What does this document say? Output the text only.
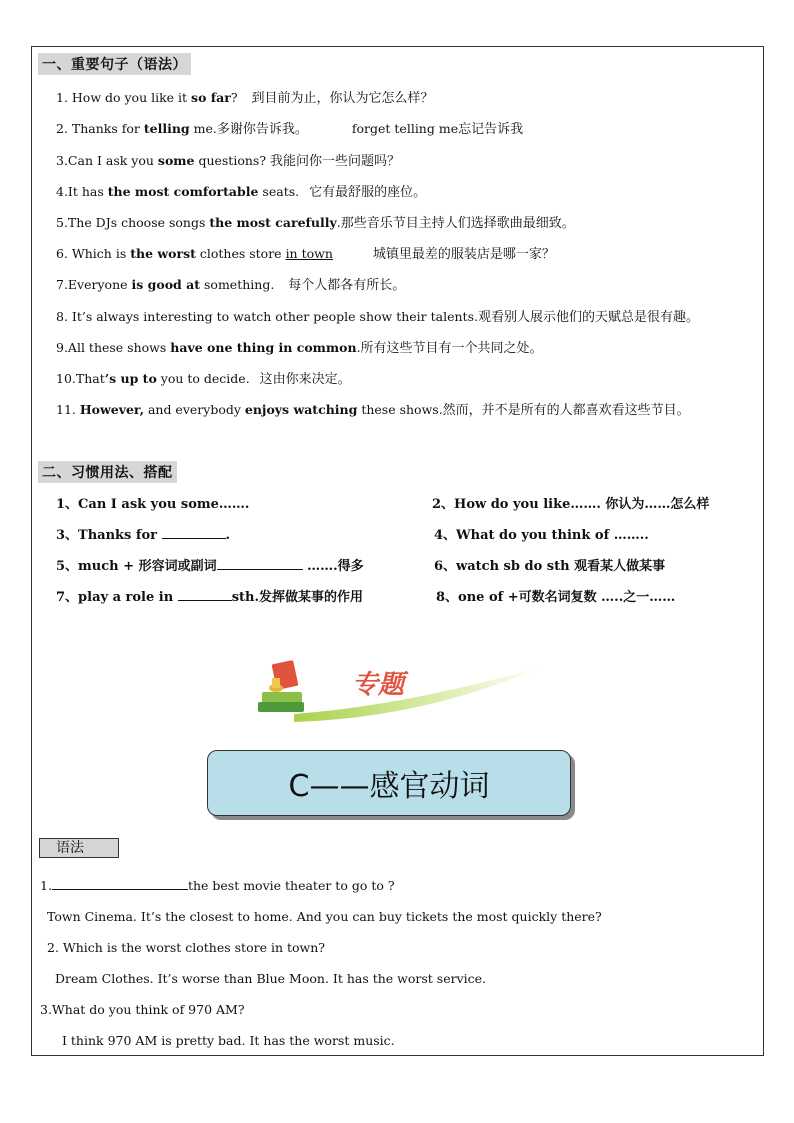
一、重要句子（语法）
1. How do you like it so far? 到目前为止，你认为它怎么样？
2. Thanks for telling me.多谢你告诉我。	forget telling me忘记告诉我
3.Can I ask you some questions? 我能问你一些问题吗？
4.It has the most comfortable seats. 它有最舒服的座位。
5.The DJs choose songs the most carefully.那些音乐节目主持人们选择歌曲最细致。
6. Which is the worst clothes store in town	城镇里最差的服装店是哪一家？
7.Everyone is good at something. 每个人都各有所长。
8. It’s always interesting to watch other people show their talents.观看别人展示他们的天赋总是很有趣。
9.All these shows have one thing in common.所有这些节目有一个共同之处。
10.That’s up to you to decide. 这由你来决定。
11. However, and everybody enjoys watching these shows.然而，并不是所有的人都喜欢看这些节目。
二、习惯用法、搭配
1、Can I ask you some…….	2、How do you like……. 你认为……怎么样
3、Thanks for	.	4、What do you think of ……..
5、much + 形容词或副词	…….得多	6、watch sb do sth 观看某人做某事
7、play a role in	sth.发挥做某事的作用	8、one of +可数名词复数 …..之一……
专题
C——感官动词
语法
1.	the best movie theater to go to ?
Town Cinema. It’s the closest to home. And you can buy tickets the most quickly there?
2. Which is the worst clothes store in town?
Dream Clothes. It’s worse than Blue Moon. It has the worst service.
3.What do you think of 970 AM?
I think 970 AM is pretty bad. It has the worst music.
